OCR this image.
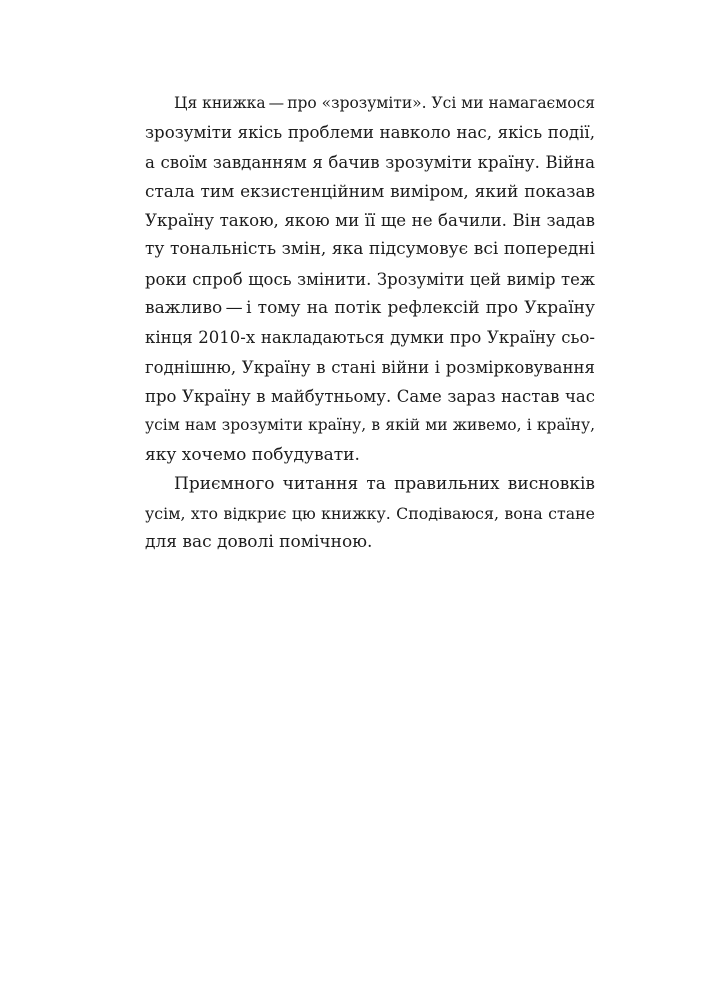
Ця книжка — про «зрозуміти». Усі ми намагаємося
зрозуміти якісь проблеми навколо нас, якісь події,
а своїм завданням я бачив зрозуміти країну. Війна
стала тим екзистенційним виміром, який показав
Україну такою, якою ми її ще не бачили. Він задав
ту тональність змін, яка підсумовує всі попередні
роки спроб щось змінити. Зрозуміти цей вимір теж
важливо — і тому на потік рефлексій про Україну
кінця 2010-х накладаються думки про Україну сьо-
годнішню, Україну в стані війни і розмірковування
про Україну в майбутньому. Саме зараз настав час
усім нам зрозуміти країну, в якій ми живемо, і країну,
яку хочемо побудувати.
Приємного читання та правильних висновків
усім, хто відкриє цю книжку. Сподіваюся, вона стане
для вас доволі помічною.
